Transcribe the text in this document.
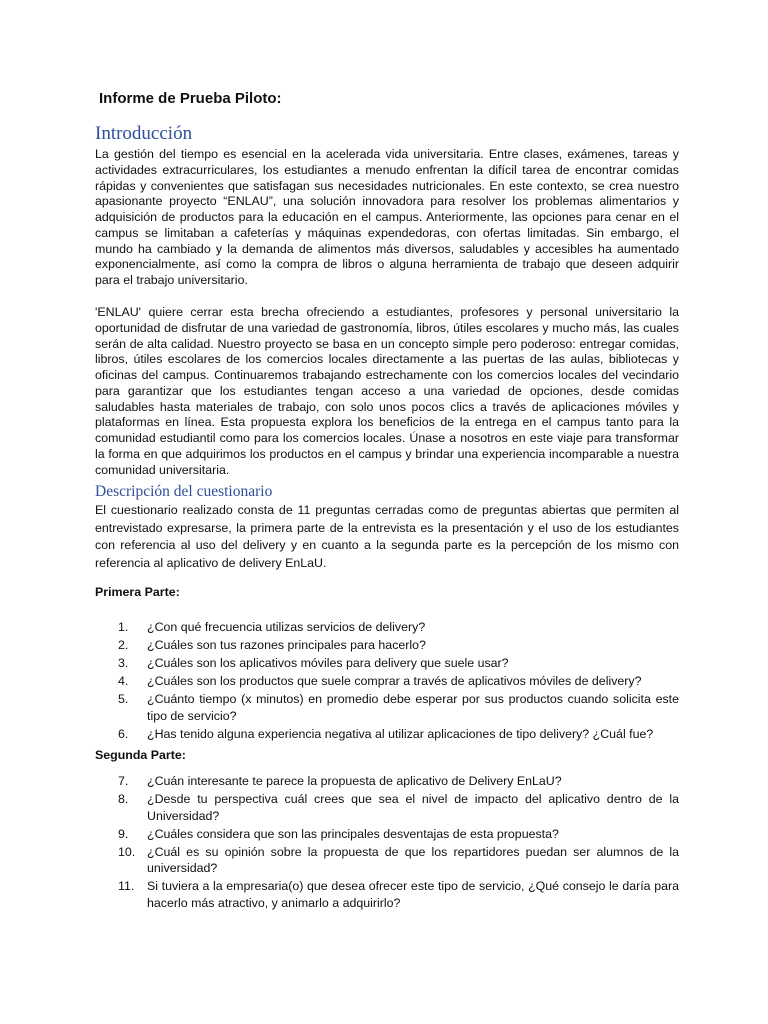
Informe de Prueba Piloto:
Introducción

La gestión del tiempo es esencial en la acelerada vida universitaria. Entre clases, exámenes, tareas y actividades extracurriculares, los estudiantes a menudo enfrentan la difícil tarea de encontrar comidas rápidas y convenientes que satisfagan sus necesidades nutricionales. En este contexto, se crea nuestro apasionante proyecto “ENLAU”, una solución innovadora para resolver los problemas alimentarios y adquisición de productos para la educación en el campus. Anteriormente, las opciones para cenar en el campus se limitaban a cafeterías y máquinas expendedoras, con ofertas limitadas. Sin embargo, el mundo ha cambiado y la demanda de alimentos más diversos, saludables y accesibles ha aumentado exponencialmente, así como la compra de libros o alguna herramienta de trabajo que deseen adquirir para el trabajo universitario.

'ENLAU' quiere cerrar esta brecha ofreciendo a estudiantes, profesores y personal universitario la oportunidad de disfrutar de una variedad de gastronomía, libros, útiles escolares y mucho más, las cuales serán de alta calidad. Nuestro proyecto se basa en un concepto simple pero poderoso: entregar comidas, libros, útiles escolares de los comercios locales directamente a las puertas de las aulas, bibliotecas y oficinas del campus. Continuaremos trabajando estrechamente con los comercios locales del vecindario para garantizar que los estudiantes tengan acceso a una variedad de opciones, desde comidas saludables hasta materiales de trabajo, con solo unos pocos clics a través de aplicaciones móviles y plataformas en línea. Esta propuesta explora los beneficios de la entrega en el campus tanto para la comunidad estudiantil como para los comercios locales. Únase a nosotros en este viaje para transformar la forma en que adquirimos los productos en el campus y brindar una experiencia incomparable a nuestra comunidad universitaria.

Descripción del cuestionario

El cuestionario realizado consta de 11 preguntas cerradas como de preguntas abiertas que permiten al entrevistado expresarse, la primera parte de la entrevista es la presentación y el uso de los estudiantes con referencia al uso del delivery y en cuanto a la segunda parte es la percepción de los mismo con referencia al aplicativo de delivery EnLaU.

Primera Parte:

1.	¿Con qué frecuencia utilizas servicios de delivery?
2.	¿Cuáles son tus razones principales para hacerlo?
3.	¿Cuáles son los aplicativos móviles para delivery que suele usar?
4.	¿Cuáles son los productos que suele comprar a través de aplicativos móviles de delivery?
5.	¿Cuánto tiempo (x minutos) en promedio debe esperar por sus productos cuando solicita este tipo de servicio?
6.	¿Has tenido alguna experiencia negativa al utilizar aplicaciones de tipo delivery? ¿Cuál fue?

Segunda Parte:

7.	¿Cuán interesante te parece la propuesta de aplicativo de Delivery EnLaU?
8.	¿Desde tu perspectiva cuál crees que sea el nivel de impacto del aplicativo dentro de la Universidad?
9.	¿Cuáles considera que son las principales desventajas de esta propuesta?
10. ¿Cuál es su opinión sobre la propuesta de que los repartidores puedan ser alumnos de la universidad?
11.	Si tuviera a la empresaria(o) que desea ofrecer este tipo de servicio, ¿Qué consejo le daría para hacerlo más atractivo, y animarlo a adquirirlo?
